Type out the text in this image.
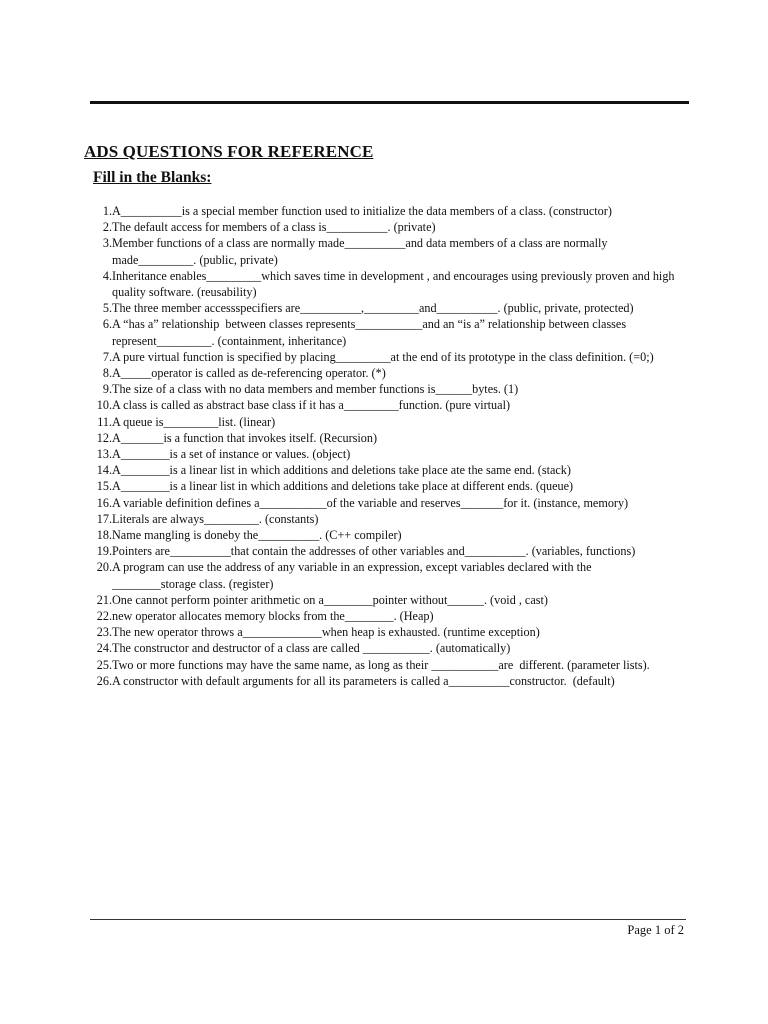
ADS QUESTIONS FOR REFERENCE
Fill in the Blanks:
1. A__________is a special member function used to initialize the data members of a class. (constructor)
2. The default access for members of a class is__________. (private)
3. Member functions of a class are normally made__________and data members of a class are normally made_________. (public, private)
4. Inheritance enables_________which saves time in development , and encourages using previously proven and high quality software. (reusability)
5. The three member accessspecifiers are__________,_________and__________. (public, private, protected)
6. A “has a” relationship  between classes represents___________and an “is a” relationship between classes represent_________. (containment, inheritance)
7. A pure virtual function is specified by placing_________at the end of its prototype in the class definition. (=0;)
8. A_____operator is called as de-referencing operator. (*)
9. The size of a class with no data members and member functions is______bytes. (1)
10. A class is called as abstract base class if it has a_________function. (pure virtual)
11. A queue is_________list. (linear)
12. A_______is a function that invokes itself. (Recursion)
13. A________is a set of instance or values. (object)
14. A________is a linear list in which additions and deletions take place ate the same end. (stack)
15. A________is a linear list in which additions and deletions take place at different ends. (queue)
16. A variable definition defines a___________of the variable and reserves_______for it. (instance, memory)
17. Literals are always_________. (constants)
18. Name mangling is doneby the__________. (C++ compiler)
19. Pointers are__________that contain the addresses of other variables and__________. (variables, functions)
20. A program can use the address of any variable in an expression, except variables declared with the ________storage class. (register)
21. One cannot perform pointer arithmetic on a________pointer without______. (void , cast)
22. new operator allocates memory blocks from the________. (Heap)
23. The new operator throws a_____________when heap is exhausted. (runtime exception)
24. The constructor and destructor of a class are called ___________. (automatically)
25. Two or more functions may have the same name, as long as their ___________are  different. (parameter lists).
26. A constructor with default arguments for all its parameters is called a__________constructor.  (default)
Page 1 of 2
